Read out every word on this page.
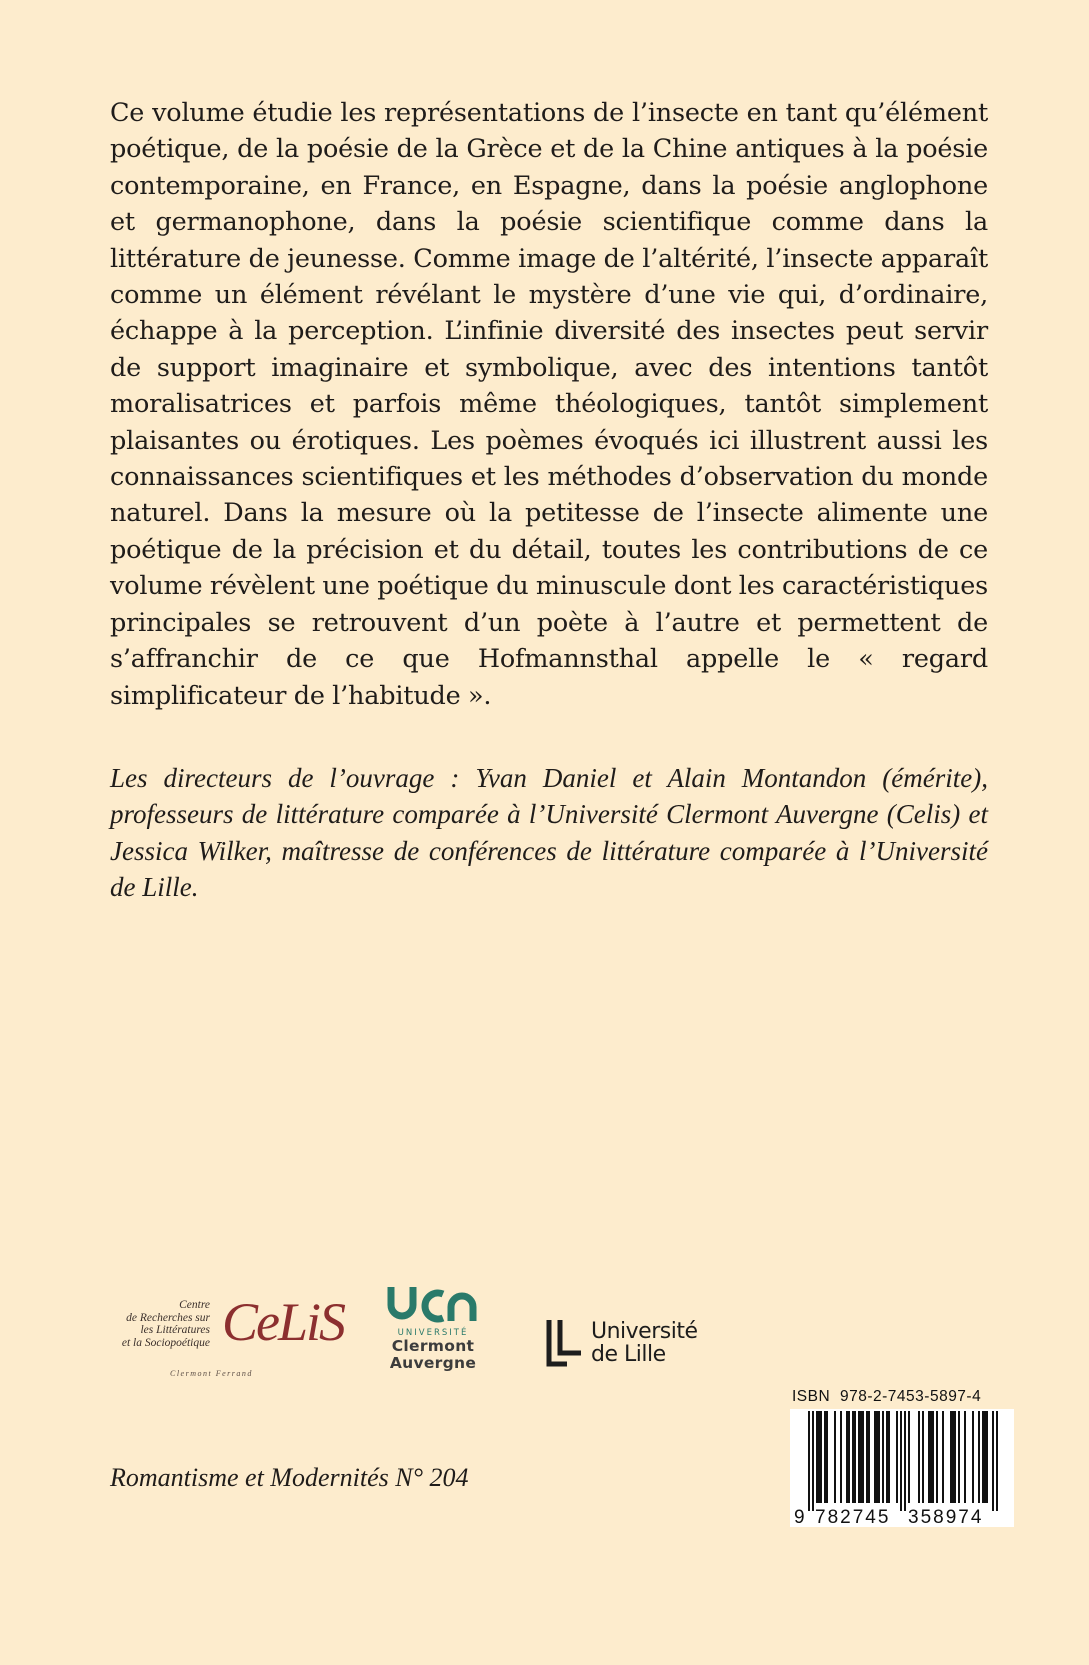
Ce volume étudie les représentations de l’insecte en tant qu’élément poétique, de la poésie de la Grèce et de la Chine antiques à la poésie contemporaine, en France, en Espagne, dans la poésie anglophone et germanophone, dans la poésie scientifique comme dans la littérature de jeunesse. Comme image de l’altérité, l’insecte apparaît comme un élément révélant le mystère d’une vie qui, d’ordinaire, échappe à la perception. L’infinie diversité des insectes peut servir de support imaginaire et symbolique, avec des intentions tantôt moralisatrices et parfois même théologiques, tantôt simplement plaisantes ou érotiques. Les poèmes évoqués ici illustrent aussi les connaissances scientifiques et les méthodes d’observation du monde naturel. Dans la mesure où la petitesse de l’insecte alimente une poétique de la précision et du détail, toutes les contributions de ce volume révèlent une poétique du minuscule dont les caractéristiques principales se retrouvent d’un poète à l’autre et permettent de s’affranchir de ce que Hofmannsthal appelle le « regard simplificateur de l’habitude ».

Les directeurs de l’ouvrage : Yvan Daniel et Alain Montandon (émérite), professeurs de littérature comparée à l’Université Clermont Auvergne (Celis) et Jessica Wilker, maîtresse de conférences de littérature comparée à l’Université de Lille.

Centre
de Recherches sur
les Littératures
et la Sociopoétique CeLiS
Clermont Ferrand
UNIVERSITÉ
Clermont
Auvergne
Université
de Lille
ISBN 978-2-7453-5897-4
9 782745 358974
Romantisme et Modernités N° 204
